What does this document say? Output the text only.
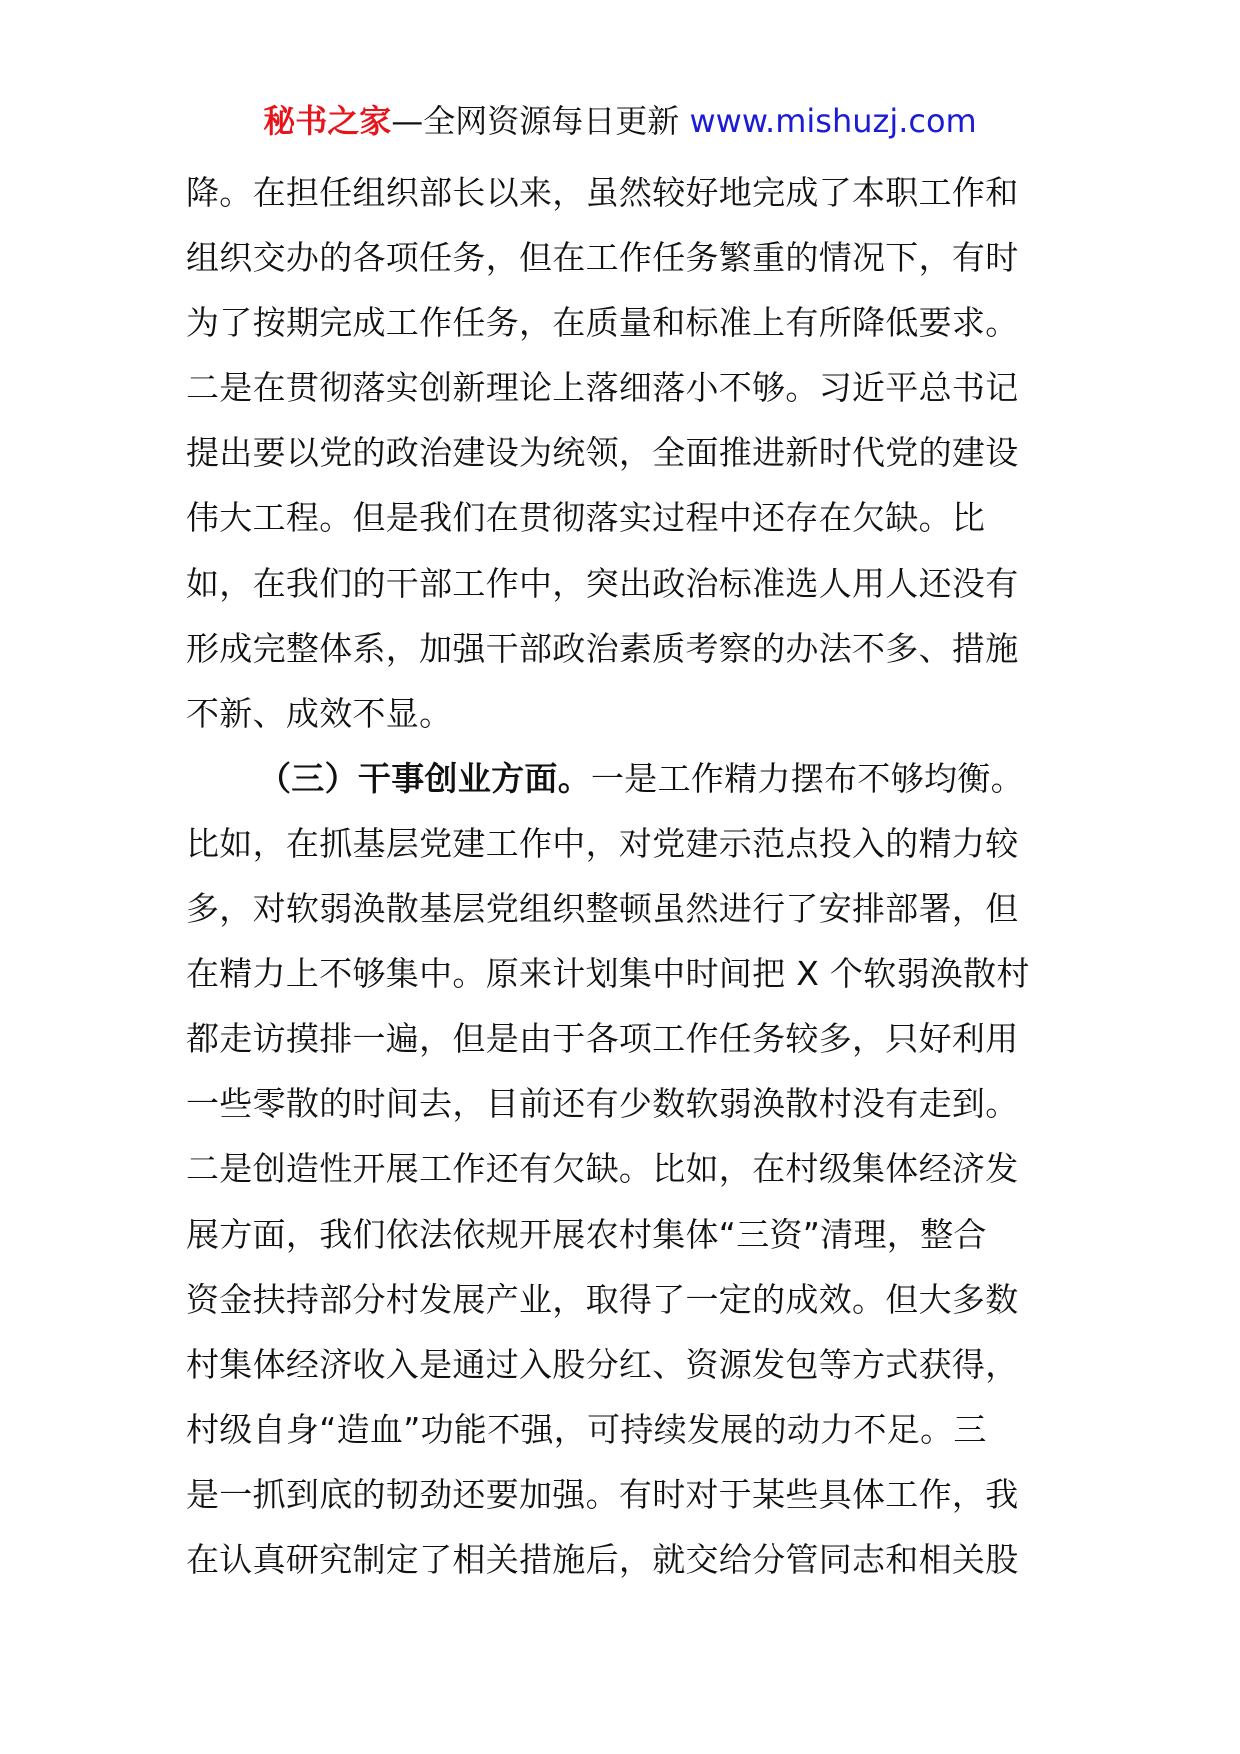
秘书之家—全网资源每日更新 www.mishuzj.com
降。在担任组织部长以来，虽然较好地完成了本职工作和
组织交办的各项任务，但在工作任务繁重的情况下，有时
为了按期完成工作任务，在质量和标准上有所降低要求。
二是在贯彻落实创新理论上落细落小不够。习近平总书记
提出要以党的政治建设为统领，全面推进新时代党的建设
伟大工程。但是我们在贯彻落实过程中还存在欠缺。比
如，在我们的干部工作中，突出政治标准选人用人还没有
形成完整体系，加强干部政治素质考察的办法不多、措施
不新、成效不显。
（三）干事创业方面。一是工作精力摆布不够均衡。
比如，在抓基层党建工作中，对党建示范点投入的精力较
多，对软弱涣散基层党组织整顿虽然进行了安排部署，但
在精力上不够集中。原来计划集中时间把 X 个软弱涣散村
都走访摸排一遍，但是由于各项工作任务较多，只好利用
一些零散的时间去，目前还有少数软弱涣散村没有走到。
二是创造性开展工作还有欠缺。比如，在村级集体经济发
展方面，我们依法依规开展农村集体“三资”清理，整合
资金扶持部分村发展产业，取得了一定的成效。但大多数
村集体经济收入是通过入股分红、资源发包等方式获得，
村级自身“造血”功能不强，可持续发展的动力不足。三
是一抓到底的韧劲还要加强。有时对于某些具体工作，我
在认真研究制定了相关措施后，就交给分管同志和相关股
